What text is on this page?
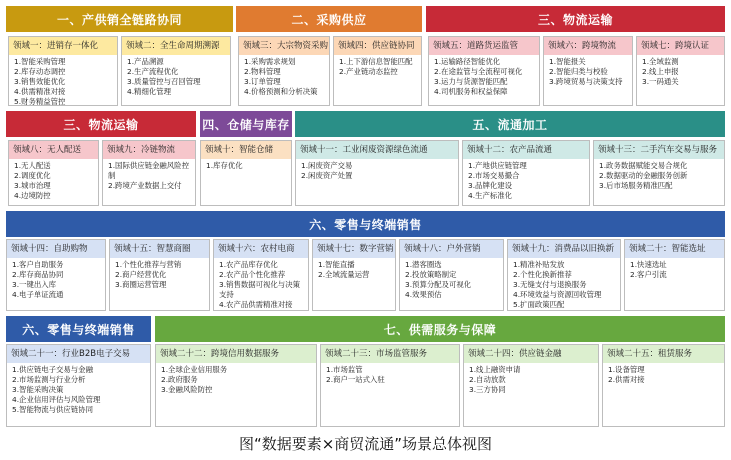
一、产供销全链路协同
领域一：进销存一体化
1.智能采购管理
2.库存动态调控
3.销售效能优化
4.供需精准对接
5.财务精益管控
领域二：全生命周期溯源
1.产品溯源
2.生产流程优化
3.质量管控与召回管理
4.精细化管理
二、采购供应
领域三：大宗物资采购
1.采购需求规划
2.物料管理
3.订单管理
4.价格预测和分析决策
领域四：供应链协同
1.上下游信息智能匹配
2.产业链动态监控
三、物流运输
领域五：道路货运监管
1.运输路径智能优化
2.在途监管与全流程可视化
3.运力与货源智能匹配
4.司机服务和权益保障
领域六：跨境物流
1.智能报关
2.智能归类与校验
3.跨境贸易与决策支持
领域七：跨境认证
1.全域监测
2.线上申报
3.一码通关
三、物流运输
领域八：无人配送
1.无人配送
2.调度优化
3.城市治理
4.边境防控
领域九：冷链物流
1.国际供应链金融风险控制
2.跨境产业数据上交付
四、仓储与库存
领域十：智能仓储
1.库存优化
五、流通加工
领域十一：工业闲废资源绿色流通
1.闲废资产交易
2.闲废资产处置
领域十二：农产品流通
1.产地供应链管理
2.市场交易撮合
3.品牌化建设
4.生产标准化
领域十三：二手汽车交易与服务
1.政务数据赋能交易合规化
2.数据驱动的金融服务创新
3.后市场服务精准匹配
六、零售与终端销售
领域十四：自助购物
1.客户自助服务
2.库存商品协同
3.一键出入库
4.电子单证流通
领域十五：智慧商圈
1.个性化推荐与营销
2.商户经营优化
3.商圈运营管理
领域十六：农村电商
1.农产品库存优化
2.农产品个性化推荐
3.销售数据可视化与决策支持
4.农产品供需精准对接
领域十七：数字营销
1.智能直播
2.全域流量运营
领域十八：户外营销
1.潜客圈选
2.投放策略制定
3.预算分配及可视化
4.效果预估
领域十九：消费品以旧换新
1.精准补贴发放
2.个性化换新推荐
3.无缝支付与退换服务
4.环境效益与资源回收管理
5.扩面政策匹配
领域二十：智能选址
1.快速选址
2.客户引流
六、零售与终端销售
领域二十一：行业B2B电子交易
1.供应链电子交易与金融
2.市场监测与行业分析
3.智能采购决策
4.企业信用评估与风险管理
5.智能物流与供应链协同
七、供需服务与保障
领域二十二：跨境信用数据服务
1.全球企业信用服务
2.政府服务
3.金融风险防控
领域二十三：市场监管服务
1.市场监管
2.商户一站式入驻
领域二十四：供应链金融
1.线上融资申请
2.自动放款
3.三方协同
领域二十五：租赁服务
1.设备管理
2.供需对接
图“数据要素×商贸流通”场景总体视图
